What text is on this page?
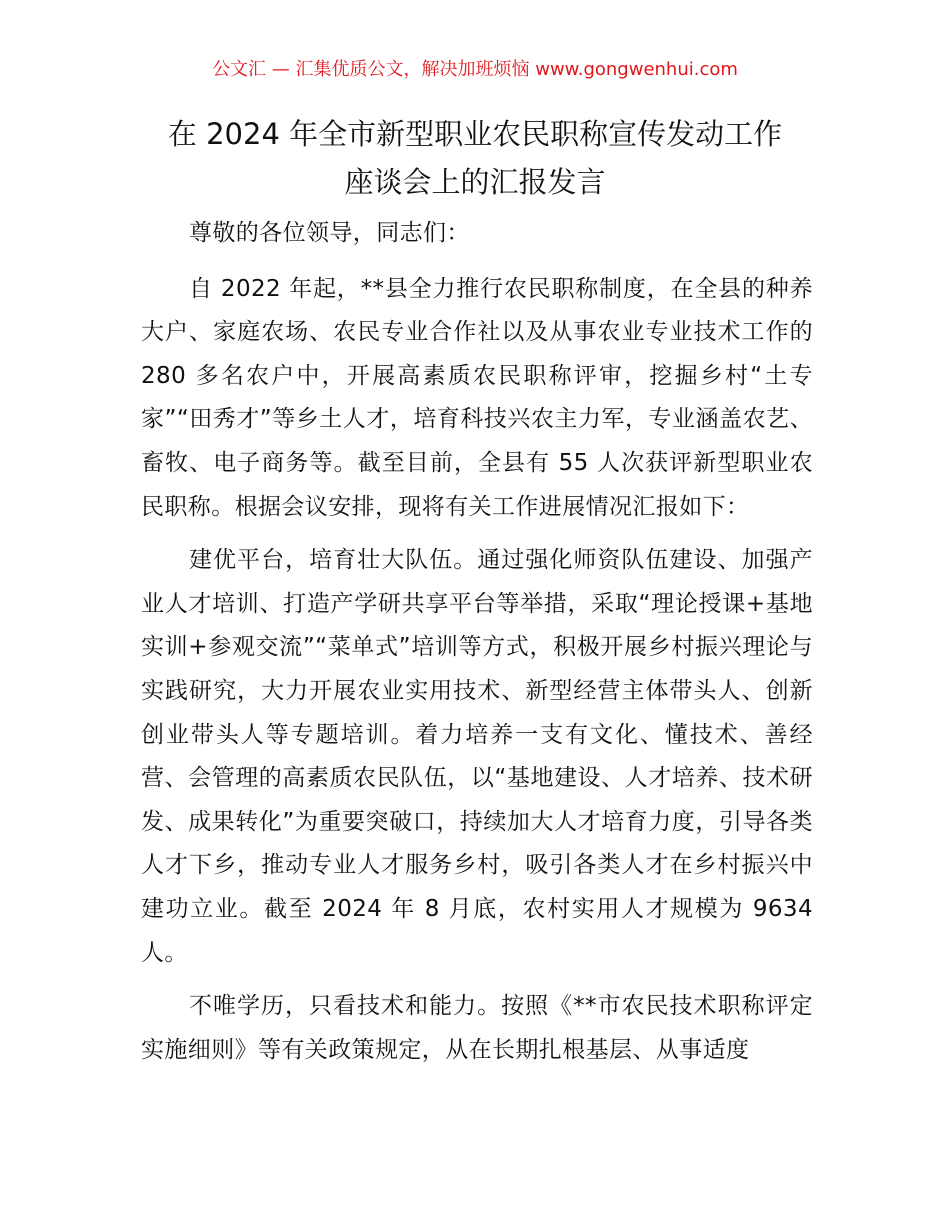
公文汇 — 汇集优质公文，解决加班烦恼 www.gongwenhui.com
在 2024 年全市新型职业农民职称宣传发动工作
座谈会上的汇报发言

尊敬的各位领导，同志们：

自 2022 年起，**县全力推行农民职称制度，在全县的种养大户、家庭农场、农民专业合作社以及从事农业专业技术工作的 280 多名农户中，开展高素质农民职称评审，挖掘乡村“土专家”“田秀才”等乡土人才，培育科技兴农主力军，专业涵盖农艺、畜牧、电子商务等。截至目前，全县有 55 人次获评新型职业农民职称。根据会议安排，现将有关工作进展情况汇报如下：

建优平台，培育壮大队伍。通过强化师资队伍建设、加强产业人才培训、打造产学研共享平台等举措，采取“理论授课+基地实训+参观交流”“菜单式”培训等方式，积极开展乡村振兴理论与实践研究，大力开展农业实用技术、新型经营主体带头人、创新创业带头人等专题培训。着力培养一支有文化、懂技术、善经营、会管理的高素质农民队伍，以“基地建设、人才培养、技术研发、成果转化”为重要突破口，持续加大人才培育力度，引导各类人才下乡，推动专业人才服务乡村，吸引各类人才在乡村振兴中建功立业。截至 2024 年 8 月底，农村实用人才规模为 9634 人。

不唯学历，只看技术和能力。按照《**市农民技术职称评定实施细则》等有关政策规定，从在长期扎根基层、从事适度
